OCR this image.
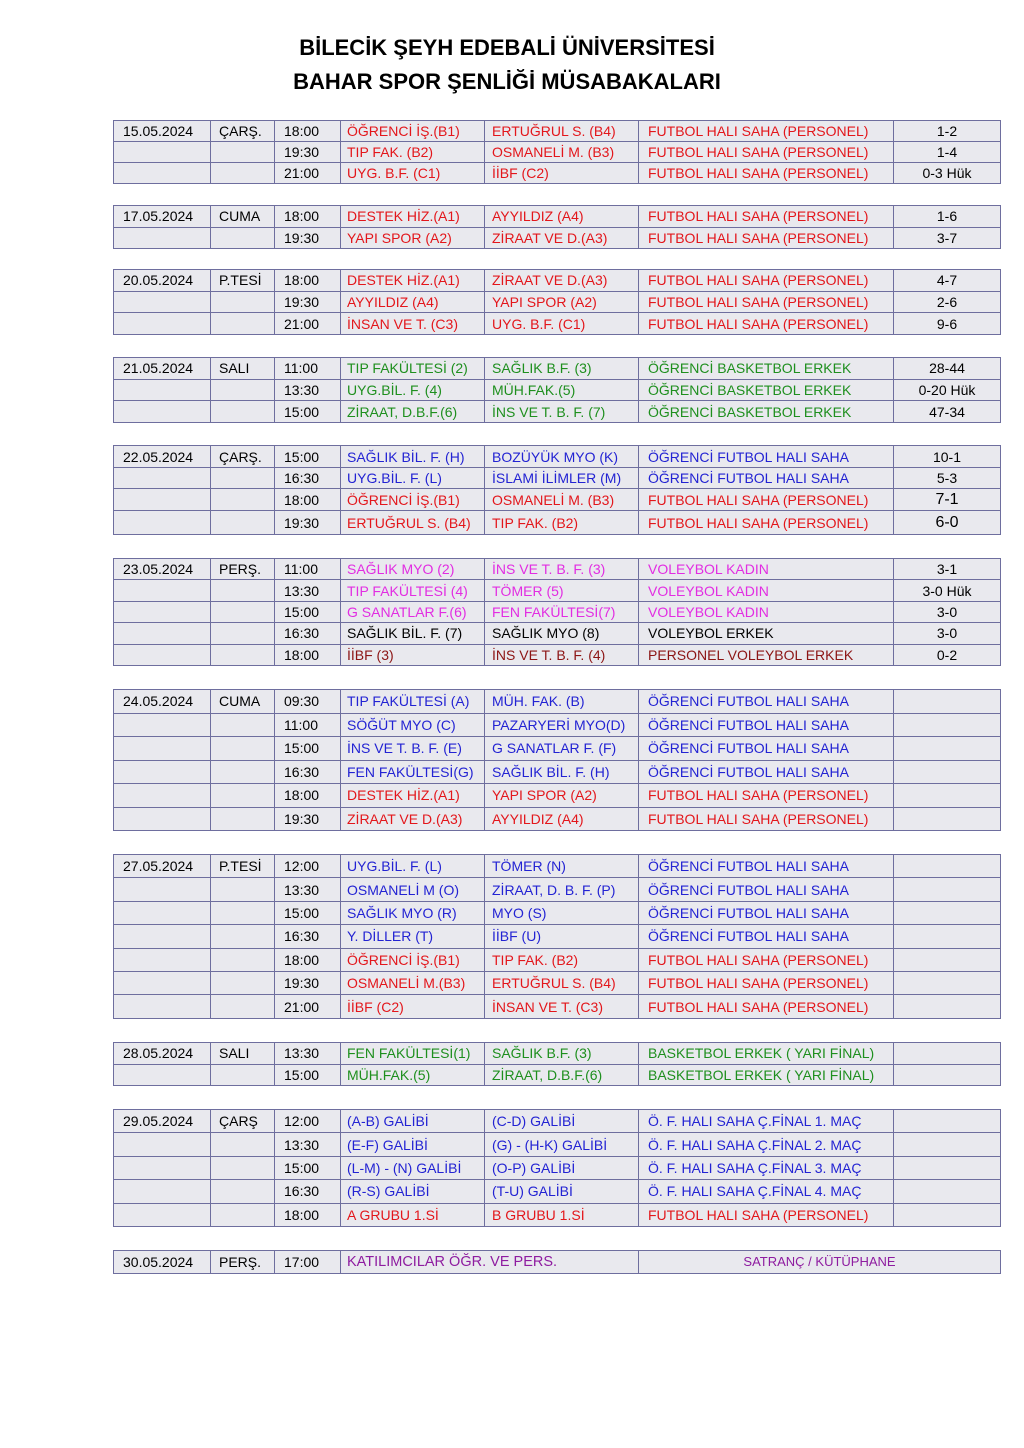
BİLECİK ŞEYH EDEBALİ ÜNİVERSİTESİ
BAHAR SPOR ŞENLİĞİ MÜSABAKALARI
15.05.2024	ÇARŞ.	18:00	ÖĞRENCİ İŞ.(B1)	ERTUĞRUL S. (B4)	FUTBOL HALI SAHA (PERSONEL)	1-2
		19:30	TIP FAK. (B2)	OSMANELİ M. (B3)	FUTBOL HALI SAHA (PERSONEL)	1-4
		21:00	UYG. B.F. (C1)	İİBF (C2)	FUTBOL HALI SAHA (PERSONEL)	0-3 Hük
17.05.2024	CUMA	18:00	DESTEK HİZ.(A1)	AYYILDIZ (A4)	FUTBOL HALI SAHA (PERSONEL)	1-6
		19:30	YAPI SPOR (A2)	ZİRAAT VE D.(A3)	FUTBOL HALI SAHA (PERSONEL)	3-7
20.05.2024	P.TESİ	18:00	DESTEK HİZ.(A1)	ZİRAAT VE D.(A3)	FUTBOL HALI SAHA (PERSONEL)	4-7
		19:30	AYYILDIZ (A4)	YAPI SPOR (A2)	FUTBOL HALI SAHA (PERSONEL)	2-6
		21:00	İNSAN VE T. (C3)	UYG. B.F. (C1)	FUTBOL HALI SAHA (PERSONEL)	9-6
21.05.2024	SALI	11:00	TIP FAKÜLTESİ (2)	SAĞLIK B.F. (3)	ÖĞRENCİ BASKETBOL ERKEK	28-44
		13:30	UYG.BİL. F. (4)	MÜH.FAK.(5)	ÖĞRENCİ BASKETBOL ERKEK	0-20 Hük
		15:00	ZİRAAT, D.B.F.(6)	İNS VE T. B. F. (7)	ÖĞRENCİ BASKETBOL ERKEK	47-34
22.05.2024	ÇARŞ.	15:00	SAĞLIK BİL. F. (H)	BOZÜYÜK MYO (K)	ÖĞRENCİ FUTBOL HALI SAHA	10-1
		16:30	UYG.BİL. F. (L)	İSLAMİ İLİMLER (M)	ÖĞRENCİ FUTBOL HALI SAHA	5-3
		18:00	ÖĞRENCİ İŞ.(B1)	OSMANELİ M. (B3)	FUTBOL HALI SAHA (PERSONEL)	7-1
		19:30	ERTUĞRUL S. (B4)	TIP FAK. (B2)	FUTBOL HALI SAHA (PERSONEL)	6-0
23.05.2024	PERŞ.	11:00	SAĞLIK MYO (2)	İNS VE T. B. F. (3)	VOLEYBOL KADIN	3-1
		13:30	TIP FAKÜLTESİ (4)	TÖMER (5)	VOLEYBOL KADIN	3-0 Hük
		15:00	G SANATLAR F.(6)	FEN FAKÜLTESİ(7)	VOLEYBOL KADIN	3-0
		16:30	SAĞLIK BİL. F. (7)	SAĞLIK MYO (8)	VOLEYBOL ERKEK	3-0
		18:00	İİBF (3)	İNS VE T. B. F. (4)	PERSONEL VOLEYBOL ERKEK	0-2
24.05.2024	CUMA	09:30	TIP FAKÜLTESİ (A)	MÜH. FAK. (B)	ÖĞRENCİ FUTBOL HALI SAHA	
		11:00	SÖĞÜT MYO (C)	PAZARYERİ MYO(D)	ÖĞRENCİ FUTBOL HALI SAHA	
		15:00	İNS VE T. B. F. (E)	G SANATLAR F. (F)	ÖĞRENCİ FUTBOL HALI SAHA	
		16:30	FEN FAKÜLTESİ(G)	SAĞLIK BİL. F. (H)	ÖĞRENCİ FUTBOL HALI SAHA	
		18:00	DESTEK HİZ.(A1)	YAPI SPOR (A2)	FUTBOL HALI SAHA (PERSONEL)	
		19:30	ZİRAAT VE D.(A3)	AYYILDIZ (A4)	FUTBOL HALI SAHA (PERSONEL)	
27.05.2024	P.TESİ	12:00	UYG.BİL. F. (L)	TÖMER (N)	ÖĞRENCİ FUTBOL HALI SAHA	
		13:30	OSMANELİ M (O)	ZİRAAT, D. B. F. (P)	ÖĞRENCİ FUTBOL HALI SAHA	
		15:00	SAĞLIK MYO (R)	MYO (S)	ÖĞRENCİ FUTBOL HALI SAHA	
		16:30	Y. DİLLER (T)	İİBF (U)	ÖĞRENCİ FUTBOL HALI SAHA	
		18:00	ÖĞRENCİ İŞ.(B1)	TIP FAK. (B2)	FUTBOL HALI SAHA (PERSONEL)	
		19:30	OSMANELİ M.(B3)	ERTUĞRUL S. (B4)	FUTBOL HALI SAHA (PERSONEL)	
		21:00	İİBF (C2)	İNSAN VE T. (C3)	FUTBOL HALI SAHA (PERSONEL)	
28.05.2024	SALI	13:30	FEN FAKÜLTESİ(1)	SAĞLIK B.F. (3)	BASKETBOL ERKEK ( YARI FİNAL)	
		15:00	MÜH.FAK.(5)	ZİRAAT, D.B.F.(6)	BASKETBOL ERKEK ( YARI FİNAL)	
29.05.2024	ÇARŞ	12:00	(A-B) GALİBİ	(C-D) GALİBİ	Ö. F. HALI SAHA Ç.FİNAL 1. MAÇ	
		13:30	(E-F) GALİBİ	(G) - (H-K) GALİBİ	Ö. F. HALI SAHA Ç.FİNAL 2. MAÇ	
		15:00	(L-M) - (N) GALİBİ	(O-P) GALİBİ	Ö. F. HALI SAHA Ç.FİNAL 3. MAÇ	
		16:30	(R-S) GALİBİ	(T-U) GALİBİ	Ö. F. HALI SAHA Ç.FİNAL 4. MAÇ	
		18:00	A GRUBU 1.Sİ	B GRUBU 1.Sİ	FUTBOL HALI SAHA (PERSONEL)	
30.05.2024	PERŞ.	17:00	KATILIMCILAR ÖĞR. VE PERS.	SATRANÇ / KÜTÜPHANE
